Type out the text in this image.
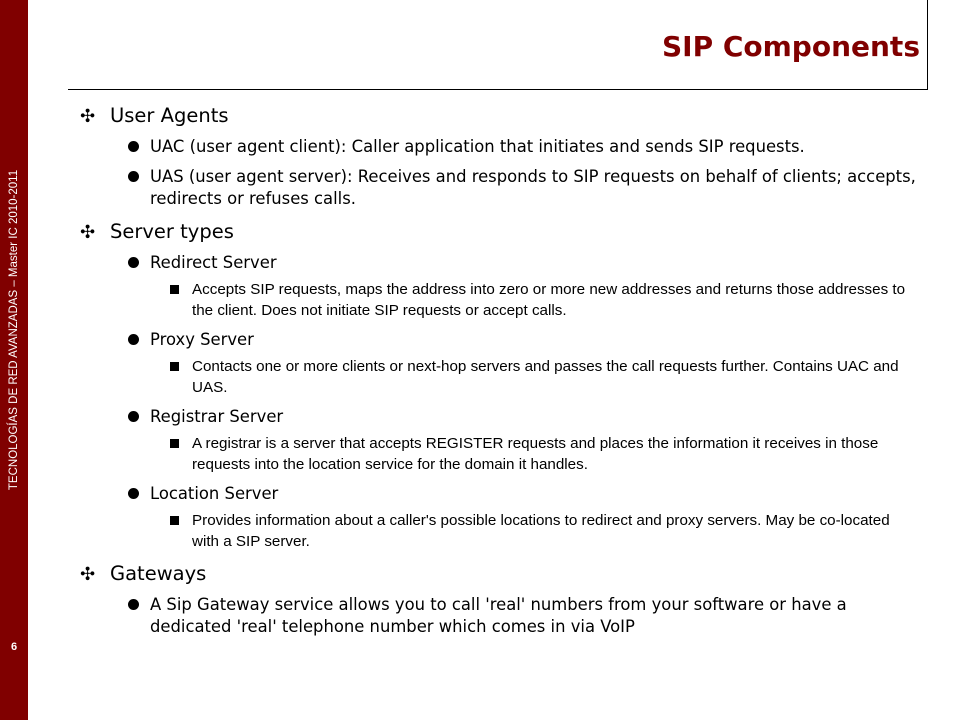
TECNOLOGÍAS DE RED AVANZADAS – Master IC 2010-2011
6
SIP Components
✣ User Agents
UAC (user agent client): Caller application that initiates and sends SIP requests.
UAS (user agent server): Receives and responds to SIP requests on behalf of clients; accepts, redirects or refuses calls.
✣ Server types
Redirect Server
Accepts SIP requests, maps the address into zero or more new addresses and returns those addresses to the client. Does not initiate SIP requests or accept calls.
Proxy Server
Contacts one or more clients or next-hop servers and passes the call requests further. Contains UAC and UAS.
Registrar Server
A registrar is a server that accepts REGISTER requests and places the information it receives in those requests into the location service for the domain it handles.
Location Server
Provides information about a caller's possible locations to redirect and proxy servers. May be co-located with a SIP server.
✣ Gateways
A Sip Gateway service allows you to call 'real' numbers from your software or have a dedicated 'real' telephone number which comes in via VoIP
